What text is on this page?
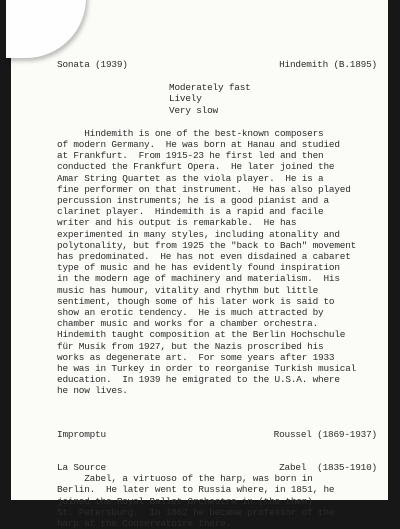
Sonata (1939)	Hindemith (B.1895)
Moderately fast
Lively
Very slow
Hindemith is one of the best-known composers
of modern Germany.  He was born at Hanau and studied
at Frankfurt.  From 1915-23 he first led and then
conducted the Frankfurt Opera.  He later joined the
Amar String Quartet as the viola player.  He is a
fine performer on that instrument.  He has also played
percussion instruments; he is a good pianist and a
clarinet player.  Hindemith is a rapid and facile
writer and his output is remarkable.  He has
experimented in many styles, including atonality and
polytonality, but from 1925 the "back to Bach" movement
has predominated.  He has not even disdained a cabaret
type of music and he has evidently found inspiration
in the modern age of machinery and materialism.  His
music has humour, vitality and rhythm but little
sentiment, though some of his later work is said to
show an erotic tendency.  He is much attracted by
chamber music and works for a chamber orchestra.
Hindemith taught composition at the Berlin Hochschule
für Musik from 1927, but the Nazis proscribed his
works as degenerate art.  For some years after 1933
he was in Turkey in order to reorganise Turkish musical
education.  In 1939 he emigrated to the U.S.A. where
he now lives.
Impromptu	Roussel (1869-1937)
La Source	Zabel  (1835-1910)
Zabel, a virtuoso of the harp, was born in
Berlin.  He later went to Russia where, in 1851, he
joined the Royal Ballet Orchestra in (the then)
St. Petersburg.  In 1862 he became professor of the
harp at the Conservatoire there.
